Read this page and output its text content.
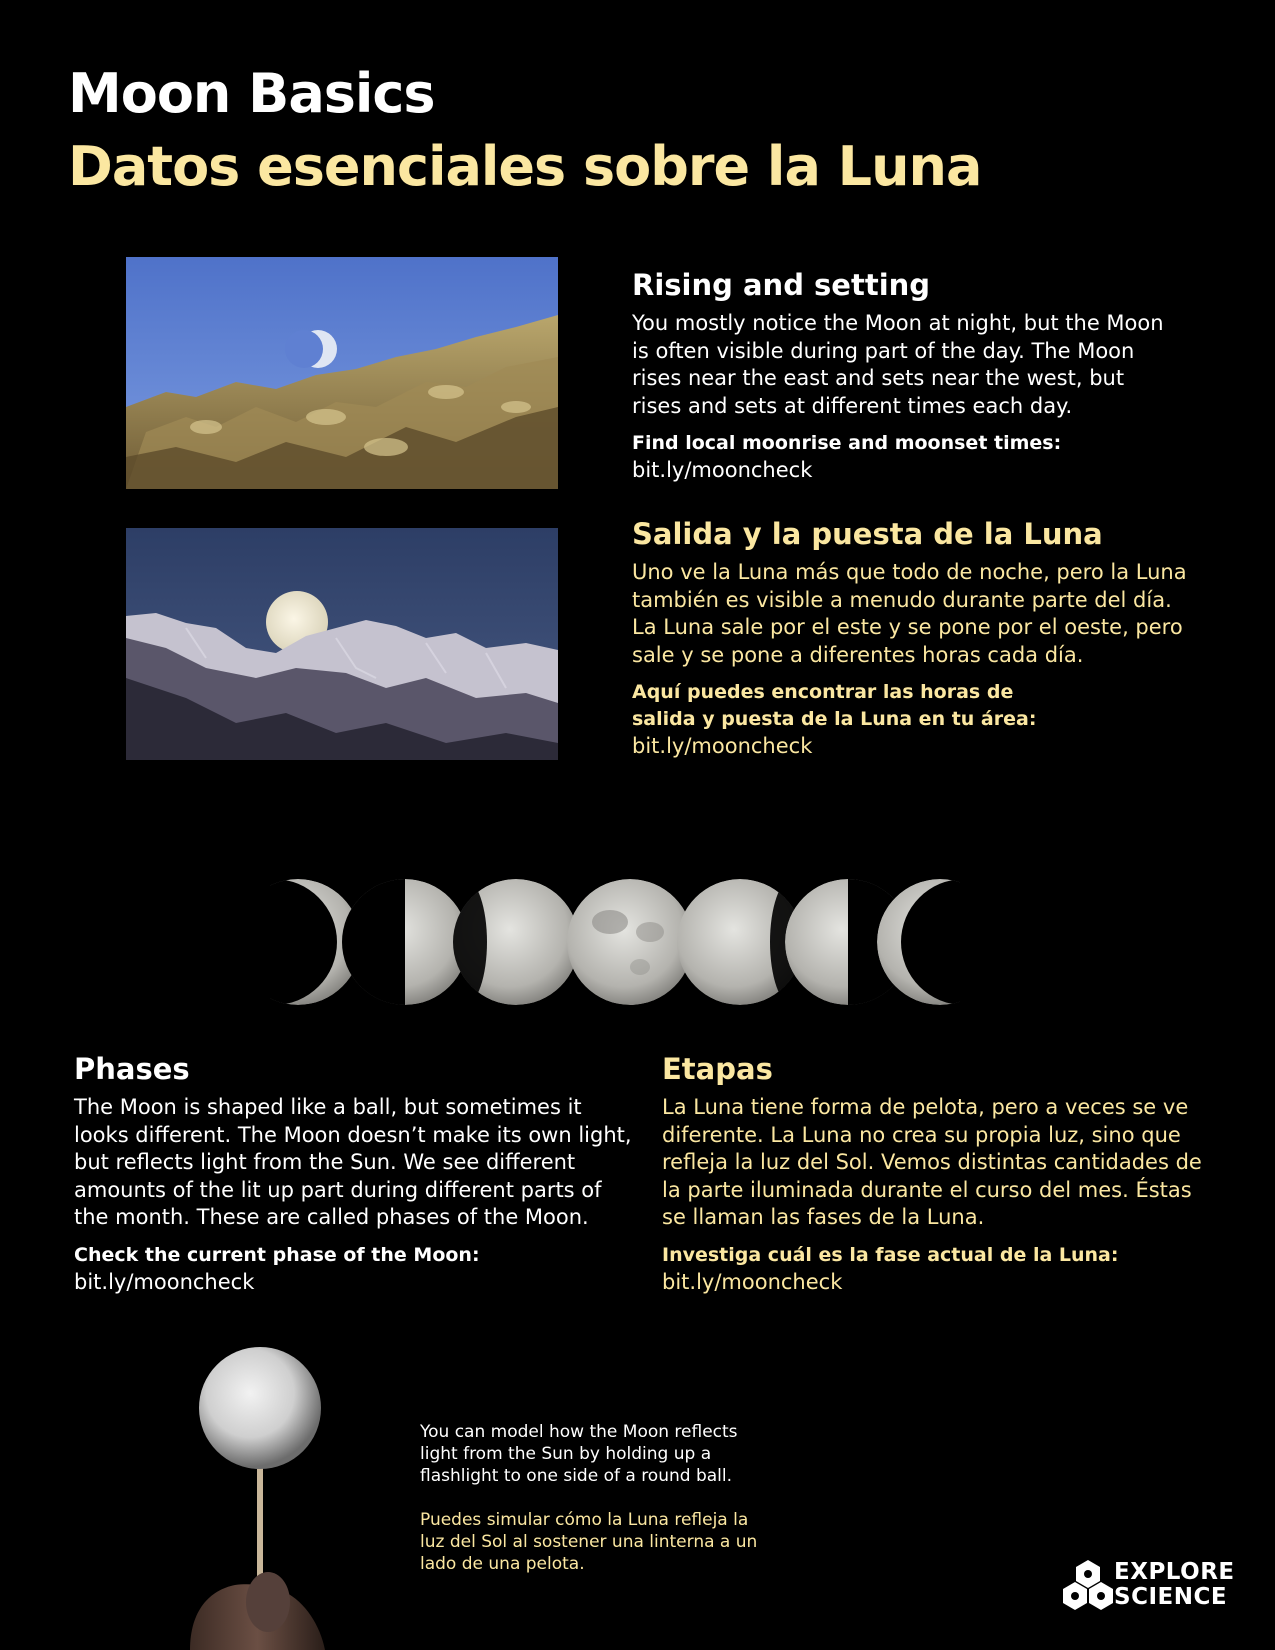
Moon Basics
Datos esenciales sobre la Luna
Rising and setting

You mostly notice the Moon at night, but the Moon is often visible during part of the day. The Moon rises near the east and sets near the west, but rises and sets at different times each day.

Find local moonrise and moonset times:

bit.ly/mooncheck

Salida y la puesta de la Luna

Uno ve la Luna más que todo de noche, pero la Luna también es visible a menudo durante parte del día. La Luna sale por el este y se pone por el oeste, pero sale y se pone a diferentes horas cada día.

Aquí puedes encontrar las horas de salida y puesta de la Luna en tu área:

bit.ly/mooncheck

Phases

The Moon is shaped like a ball, but sometimes it looks different. The Moon doesn’t make its own light, but reflects light from the Sun. We see different amounts of the lit up part during different parts of the month. These are called phases of the Moon.

Check the current phase of the Moon:

bit.ly/mooncheck

Etapas

La Luna tiene forma de pelota, pero a veces se ve diferente. La Luna no crea su propia luz, sino que refleja la luz del Sol. Vemos distintas cantidades de la parte iluminada durante el curso del mes. Éstas se llaman las fases de la Luna.

Investiga cuál es la fase actual de la Luna:

bit.ly/mooncheck

You can model how the Moon reflects light from the Sun by holding up a flashlight to one side of a round ball.

Puedes simular cómo la Luna refleja la luz del Sol al sostener una linterna a un lado de una pelota.	EXPLORE
SCIENCE
